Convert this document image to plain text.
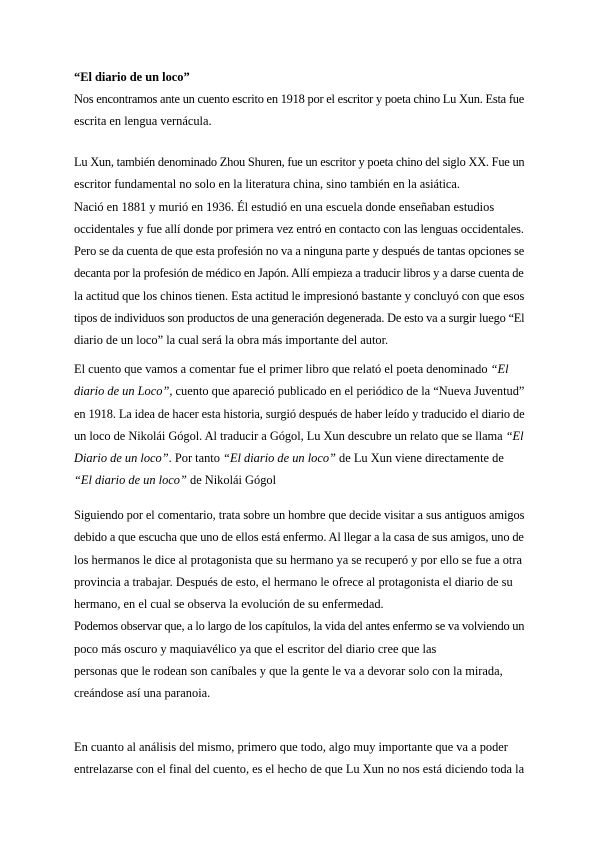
“El diario de un loco”
Nos encontramos ante un cuento escrito en 1918 por el escritor y poeta chino Lu Xun. Esta fue
escrita en lengua vernácula.
Lu Xun, también denominado Zhou Shuren, fue un escritor y poeta chino del siglo XX. Fue un
escritor fundamental no solo en la literatura china, sino también en la asiática.
Nació en 1881 y murió en 1936. Él estudió en una escuela donde enseñaban estudios
occidentales y fue allí donde por primera vez entró en contacto con las lenguas occidentales.
Pero se da cuenta de que esta profesión no va a ninguna parte y después de tantas opciones se
decanta por la profesión de médico en Japón. Allí empieza a traducir libros y a darse cuenta de
la actitud que los chinos tienen. Esta actitud le impresionó bastante y concluyó con que esos
tipos de individuos son productos de una generación degenerada. De esto va a surgir luego “El
diario de un loco” la cual será la obra más importante del autor.
El cuento que vamos a comentar fue el primer libro que relató el poeta denominado “El
diario de un Loco”, cuento que apareció publicado en el periódico de la “Nueva Juventud”
en 1918. La idea de hacer esta historia, surgió después de haber leído y traducido el diario de
un loco de Nikolái Gógol. Al traducir a Gógol, Lu Xun descubre un relato que se llama “El
Diario de un loco”. Por tanto “El diario de un loco” de Lu Xun viene directamente de
“El diario de un loco” de Nikolái Gógol
Siguiendo por el comentario, trata sobre un hombre que decide visitar a sus antiguos amigos
debido a que escucha que uno de ellos está enfermo. Al llegar a la casa de sus amigos, uno de
los hermanos le dice al protagonista que su hermano ya se recuperó y por ello se fue a otra
provincia a trabajar. Después de esto, el hermano le ofrece al protagonista el diario de su
hermano, en el cual se observa la evolución de su enfermedad.
Podemos observar que, a lo largo de los capítulos, la vida del antes enfermo se va volviendo un
poco más oscuro y maquiavélico ya que el escritor del diario cree que las
personas que le rodean son caníbales y que la gente le va a devorar solo con la mirada,
creándose así una paranoia.
En cuanto al análisis del mismo, primero que todo, algo muy importante que va a poder
entrelazarse con el final del cuento, es el hecho de que Lu Xun no nos está diciendo toda la
